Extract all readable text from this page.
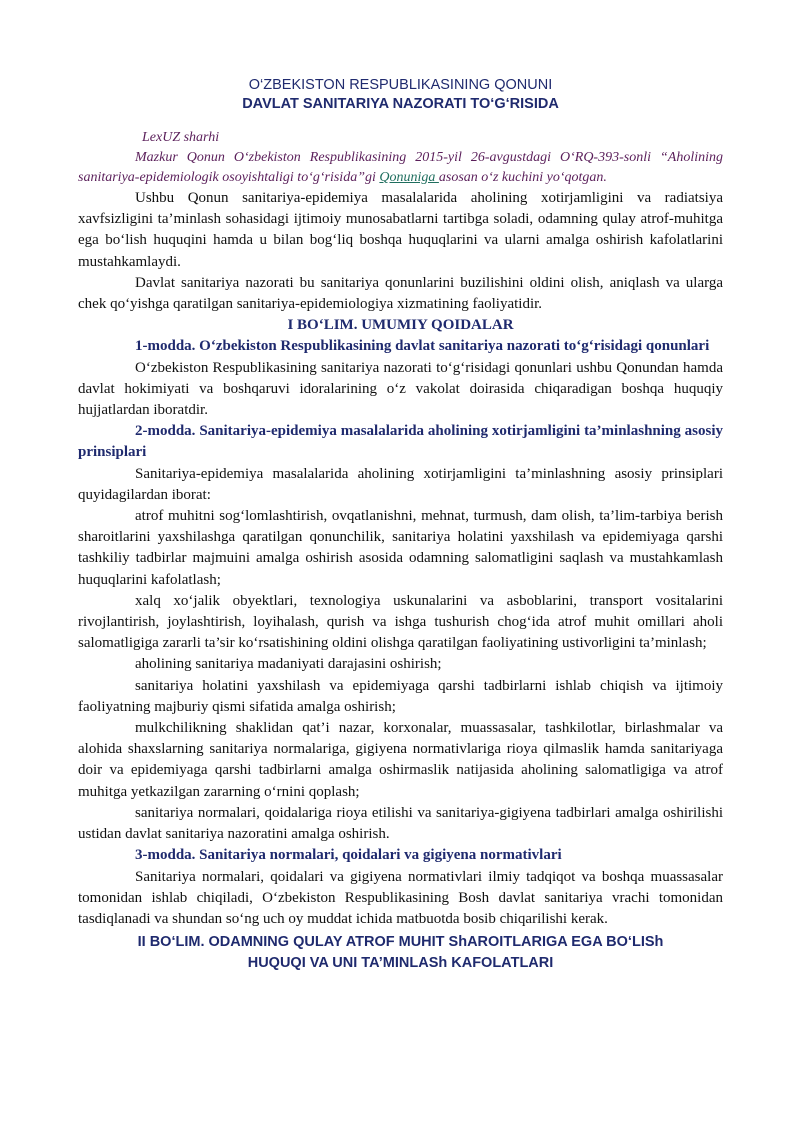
O‘ZBEKISTON RESPUBLIKASINING QONUNI

DAVLAT SANITARIYA NAZORATI TO‘G‘RISIDA

LexUZ sharhi

Mazkur Qonun O‘zbekiston Respublikasining 2015-yil 26-avgustdagi O‘RQ-393-sonli “Aholining sanitariya-epidemiologik osoyishtaligi to‘g‘risida”gi Qonuniga asosan o‘z kuchini yo‘qotgan.

Ushbu Qonun sanitariya-epidemiya masalalarida aholining xotirjamligini va radiatsiya xavfsizligini ta’minlash sohasidagi ijtimoiy munosabatlarni tartibga soladi, odamning qulay atrof-muhitga ega bo‘lish huquqini hamda u bilan bog‘liq boshqa huquqlarini va ularni amalga oshirish kafolatlarini mustahkamlaydi.

Davlat sanitariya nazorati bu sanitariya qonunlarini buzilishini oldini olish, aniqlash va ularga chek qo‘yishga qaratilgan sanitariya-epidemiologiya xizmatining faoliyatidir.

I BO‘LIM. UMUMIY QOIDALAR

1-modda. O‘zbekiston Respublikasining davlat sanitariya nazorati to‘g‘risidagi qonunlari

O‘zbekiston Respublikasining sanitariya nazorati to‘g‘risidagi qonunlari ushbu Qonundan hamda davlat hokimiyati va boshqaruvi idoralarining o‘z vakolat doirasida chiqaradigan boshqa huquqiy hujjatlardan iboratdir.

2-modda. Sanitariya-epidemiya masalalarida aholining xotirjamligini ta’minlashning asosiy prinsiplari

Sanitariya-epidemiya masalalarida aholining xotirjamligini ta’minlashning asosiy prinsiplari quyidagilardan iborat:

atrof muhitni sog‘lomlashtirish, ovqatlanishni, mehnat, turmush, dam olish, ta’lim-tarbiya berish sharoitlarini yaxshilashga qaratilgan qonunchilik, sanitariya holatini yaxshilash va epidemiyaga qarshi tashkiliy tadbirlar majmuini amalga oshirish asosida odamning salomatligini saqlash va mustahkamlash huquqlarini kafolatlash;

xalq xo‘jalik obyektlari, texnologiya uskunalarini va asboblarini, transport vositalarini rivojlantirish, joylashtirish, loyihalash, qurish va ishga tushurish chog‘ida atrof muhit omillari aholi salomatligiga zararli ta’sir ko‘rsatishining oldini olishga qaratilgan faoliyatining ustivorligini ta’minlash;

aholining sanitariya madaniyati darajasini oshirish;

sanitariya holatini yaxshilash va epidemiyaga qarshi tadbirlarni ishlab chiqish va ijtimoiy faoliyatning majburiy qismi sifatida amalga oshirish;

mulkchilikning shaklidan qat’i nazar, korxonalar, muassasalar, tashkilotlar, birlashmalar va alohida shaxslarning sanitariya normalariga, gigiyena normativlariga rioya qilmaslik hamda sanitariyaga doir va epidemiyaga qarshi tadbirlarni amalga oshirmaslik natijasida aholining salomatligiga va atrof muhitga yetkazilgan zararning o‘rnini qoplash;

sanitariya normalari, qoidalariga rioya etilishi va sanitariya-gigiyena tadbirlari amalga oshirilishi ustidan davlat sanitariya nazoratini amalga oshirish.

3-modda. Sanitariya normalari, qoidalari va gigiyena normativlari

Sanitariya normalari, qoidalari va gigiyena normativlari ilmiy tadqiqot va boshqa muassasalar tomonidan ishlab chiqiladi, O‘zbekiston Respublikasining Bosh davlat sanitariya vrachi tomonidan tasdiqlanadi va shundan so‘ng uch oy muddat ichida matbuotda bosib chiqarilishi kerak.

II BO‘LIM. ODAMNING QULAY ATROF MUHIT ShAROITLARIGA EGA BO‘LISh
HUQUQI VA UNI TA’MINLASh KAFOLATLARI
